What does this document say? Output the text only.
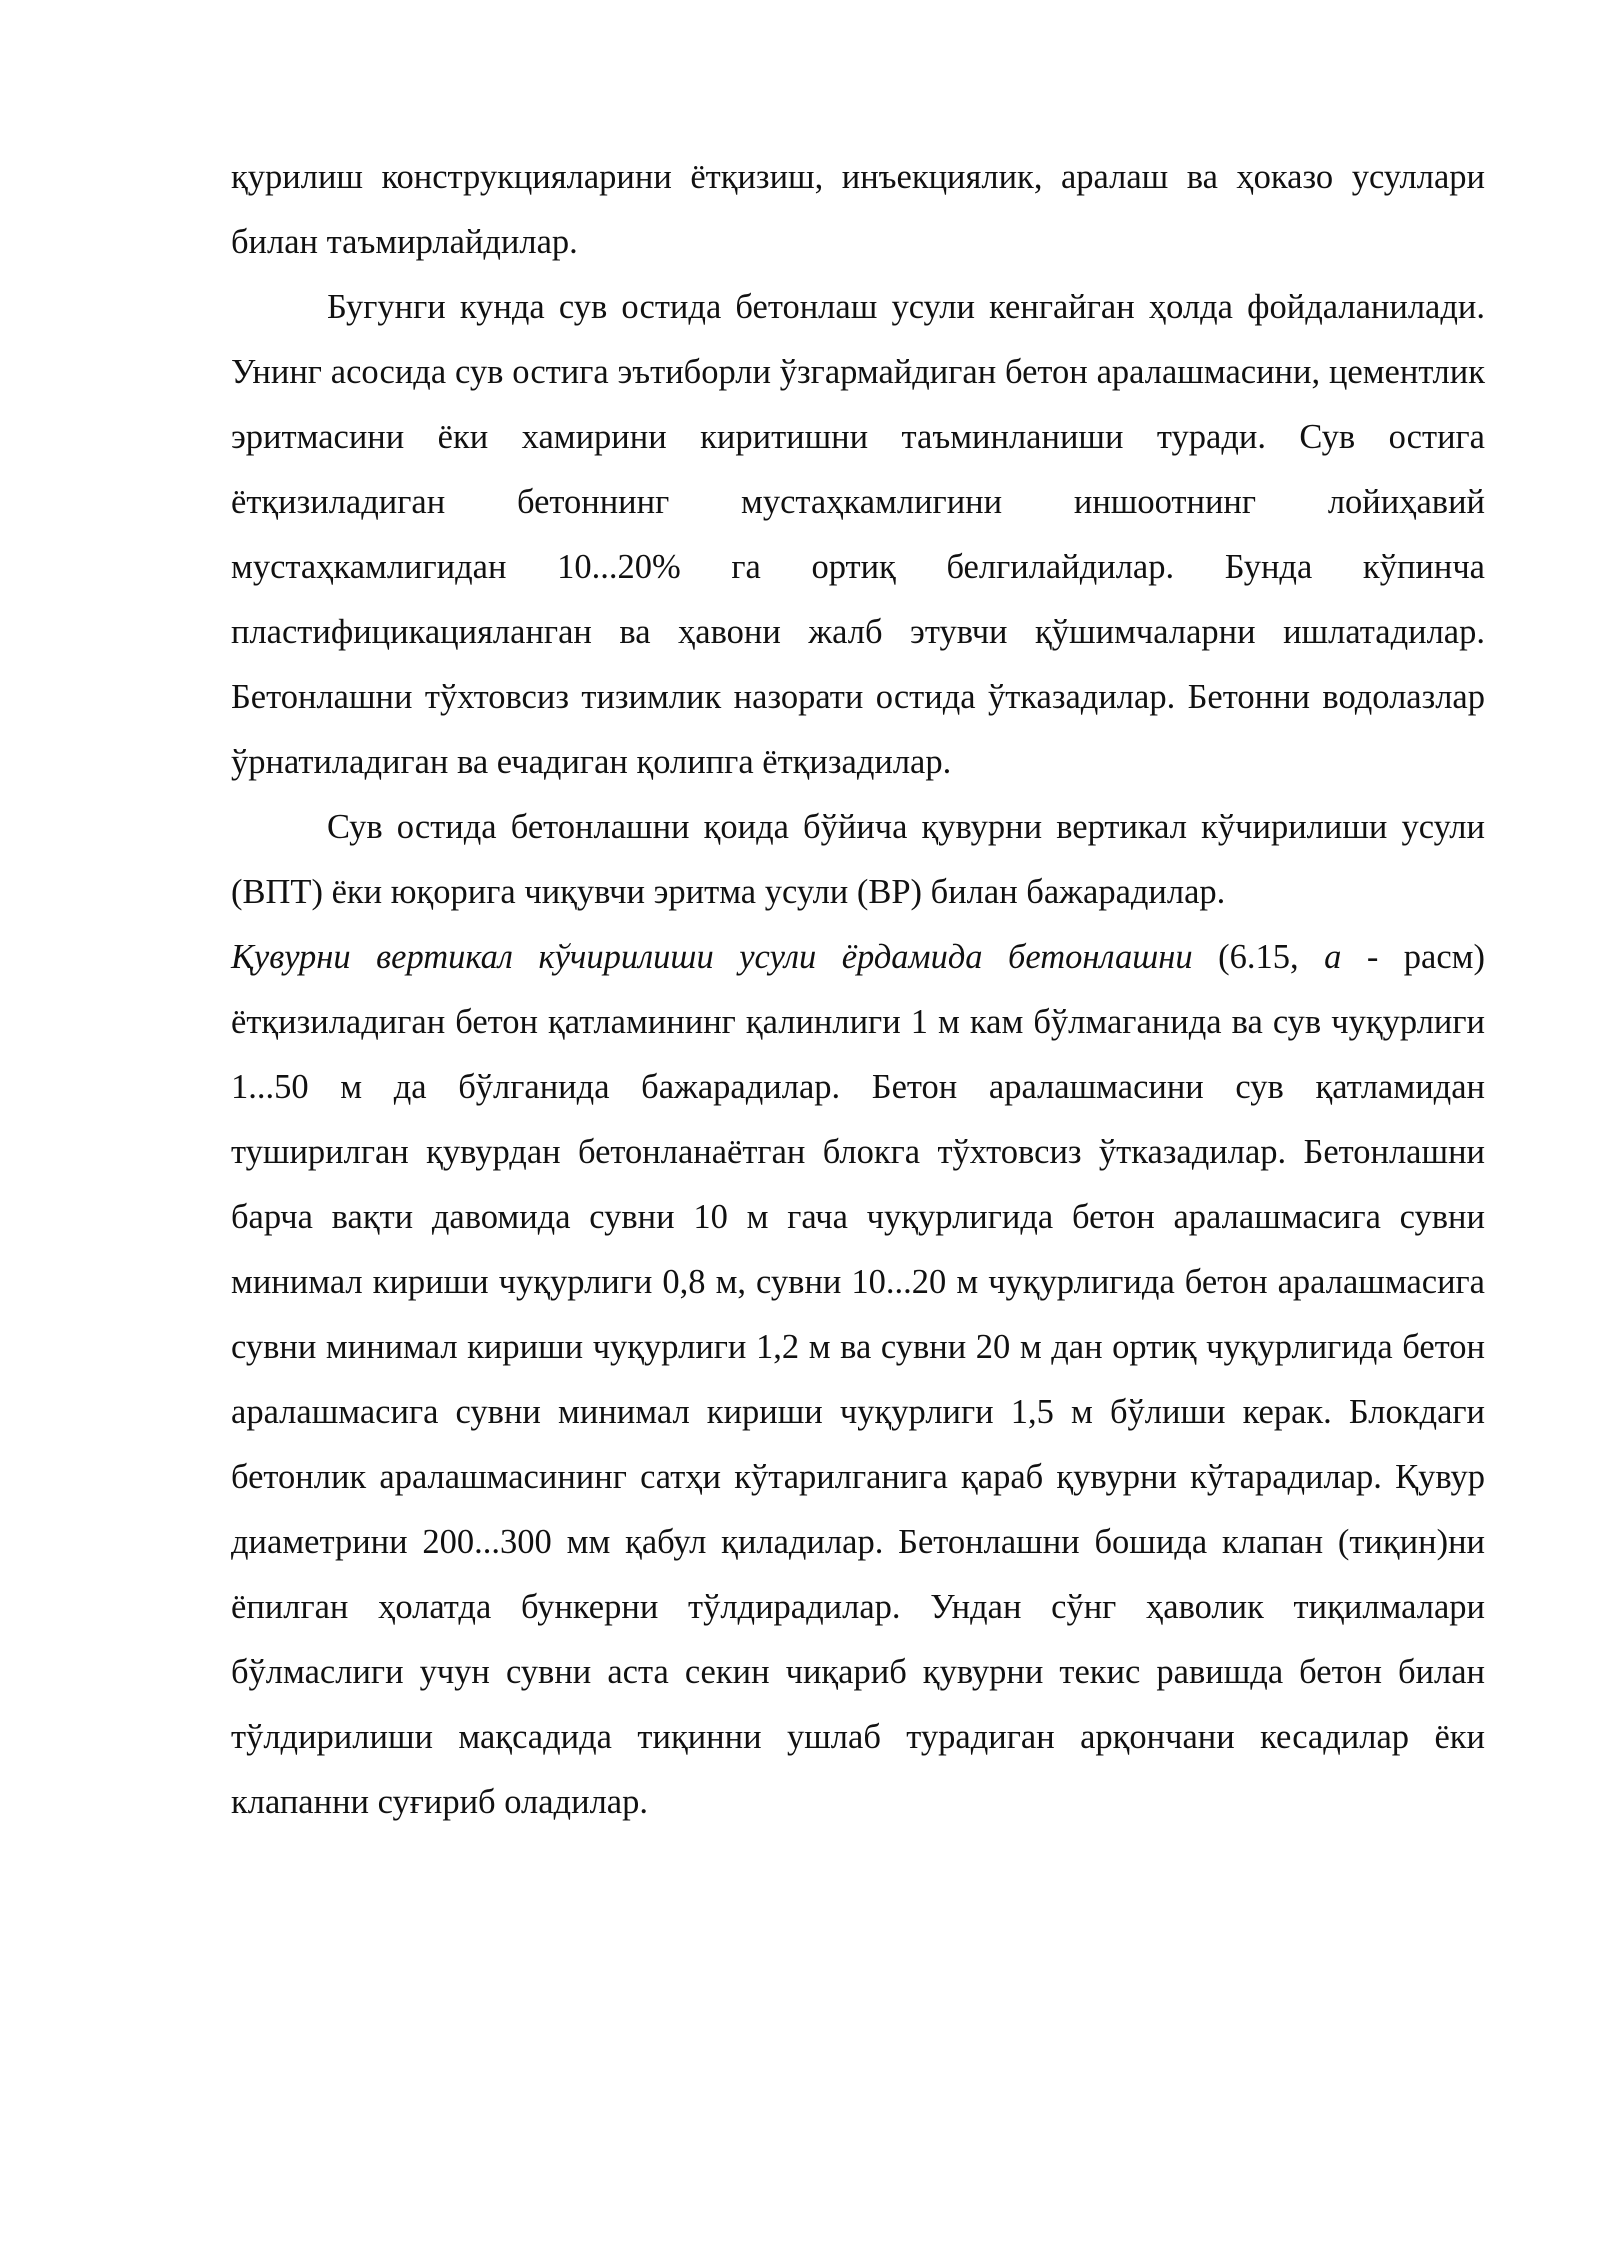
қурилиш конструкцияларини ётқизиш, инъекциялик, аралаш ва ҳоказо усуллари билан таъмирлайдилар.

Бугунги кунда сув остида бетонлаш усули кенгайган ҳолда фойдаланилади. Унинг асосида сув остига эътиборли ўзгармайдиган бетон аралашмасини, цементлик эритмасини ёки хамирини киритишни таъминланиши туради. Сув остига ётқизиладиган бетоннинг мустаҳкамлигини иншоотнинг лойиҳавий мустаҳкамлигидан 10...20% га ортиқ белгилайдилар. Бунда кўпинча пластифицикацияланган ва ҳавони жалб этувчи қўшимчаларни ишлатадилар. Бетонлашни тўхтовсиз тизимлик назорати остида ўтказадилар. Бетонни водолазлар ўрнатиладиган ва ечадиган қолипга ётқизадилар.

Сув остида бетонлашни қоида бўйича қувурни вертикал кўчирилиши усули (ВПТ) ёки юқорига чиқувчи эритма усули (ВР) билан бажарадилар.

Қувурни вертикал кўчирилиши усули ёрдамида бетонлашни (6.15, а - расм) ётқизиладиган бетон қатламининг қалинлиги 1 м кам бўлмаганида ва сув чуқурлиги 1...50 м да бўлганида бажарадилар. Бетон аралашмасини сув қатламидан туширилган қувурдан бетонланаётган блокга тўхтовсиз ўтказадилар. Бетонлашни барча вақти давомида сувни 10 м гача чуқурлигида бетон аралашмасига сувни минимал кириши чуқурлиги 0,8 м, сувни 10...20 м чуқурлигида бетон аралашмасига сувни минимал кириши чуқурлиги 1,2 м ва сувни 20 м дан ортиқ чуқурлигида бетон аралашмасига сувни минимал кириши чуқурлиги 1,5 м бўлиши керак. Блокдаги бетонлик аралашмасининг сатҳи кўтарилганига қараб қувурни кўтарадилар. Қувур диаметрини 200...300 мм қабул қиладилар. Бетонлашни бошида клапан (тиқин)ни ёпилган ҳолатда бункерни тўлдирадилар. Ундан сўнг ҳаволик тиқилмалари бўлмаслиги учун сувни аста секин чиқариб қувурни текис равишда бетон билан тўлдирилиши мақсадида тиқинни ушлаб турадиган арқончани кесадилар ёки клапанни суғириб оладилар.
